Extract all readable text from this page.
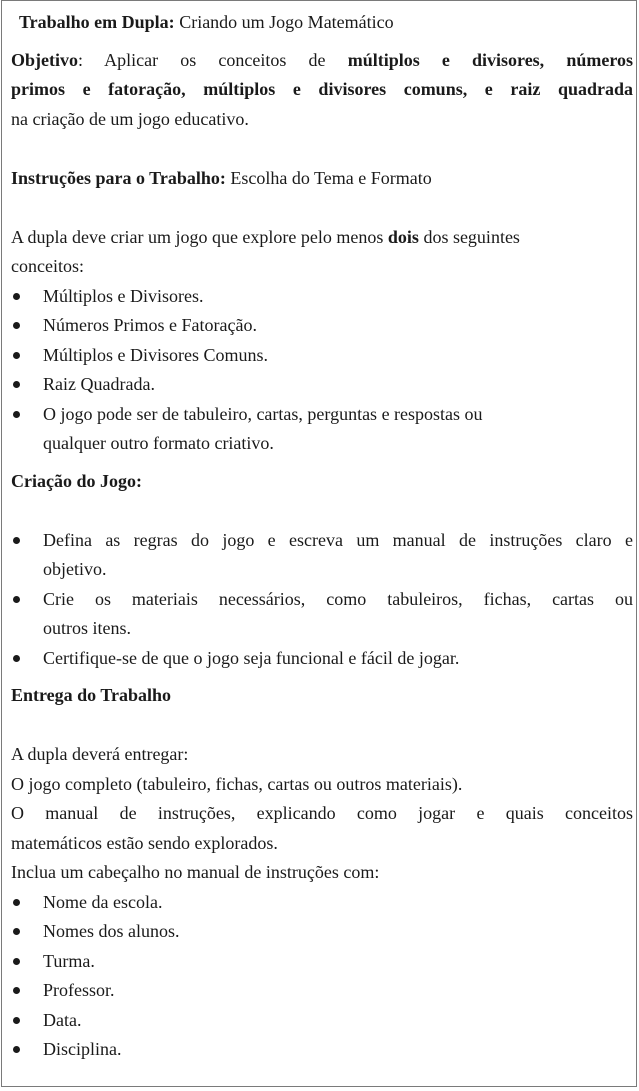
Trabalho em Dupla: Criando um Jogo Matemático
Objetivo: Aplicar os conceitos de múltiplos e divisores, números
primos e fatoração, múltiplos e divisores comuns, e raiz quadrada
na criação de um jogo educativo.
Instruções para o Trabalho: Escolha do Tema e Formato
A dupla deve criar um jogo que explore pelo menos dois dos seguintes
conceitos:
Múltiplos e Divisores.
Números Primos e Fatoração.
Múltiplos e Divisores Comuns.
Raiz Quadrada.
O jogo pode ser de tabuleiro, cartas, perguntas e respostas ou
qualquer outro formato criativo.
Criação do Jogo:
Defina as regras do jogo e escreva um manual de instruções claro e
objetivo.
Crie os materiais necessários, como tabuleiros, fichas, cartas ou
outros itens.
Certifique-se de que o jogo seja funcional e fácil de jogar.
Entrega do Trabalho
A dupla deverá entregar:
O jogo completo (tabuleiro, fichas, cartas ou outros materiais).
O manual de instruções, explicando como jogar e quais conceitos
matemáticos estão sendo explorados.
Inclua um cabeçalho no manual de instruções com:
Nome da escola.
Nomes dos alunos.
Turma.
Professor.
Data.
Disciplina.
